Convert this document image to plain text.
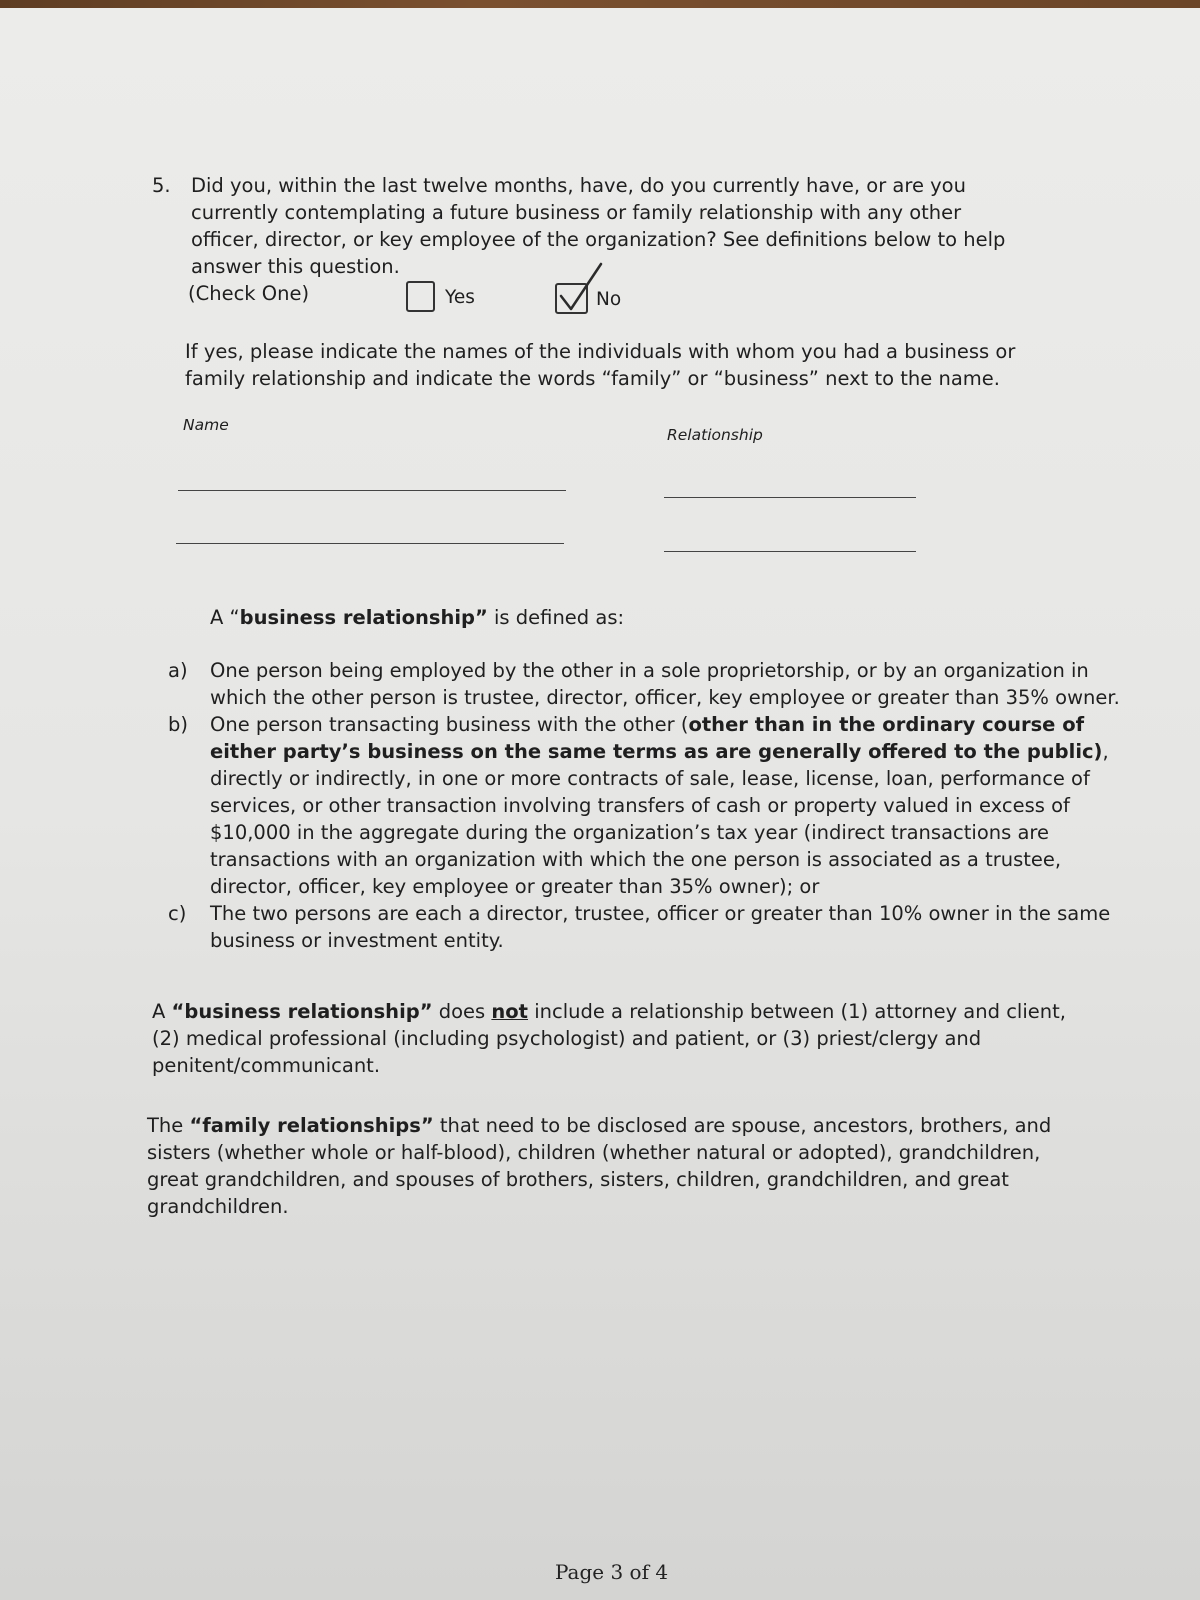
5. Did you, within the last twelve months, have, do you currently have, or are you currently contemplating a future business or family relationship with any other officer, director, or key employee of the organization? See definitions below to help answer this question.
(Check One)	Yes	No
If yes, please indicate the names of the individuals with whom you had a business or family relationship and indicate the words “family” or “business” next to the name.
Name
Relationship
A “business relationship” is defined as:
a) One person being employed by the other in a sole proprietorship, or by an organization in which the other person is trustee, director, officer, key employee or greater than 35% owner.
b) One person transacting business with the other (other than in the ordinary course of either party’s business on the same terms as are generally offered to the public), directly or indirectly, in one or more contracts of sale, lease, license, loan, performance of services, or other transaction involving transfers of cash or property valued in excess of $10,000 in the aggregate during the organization’s tax year (indirect transactions are transactions with an organization with which the one person is associated as a trustee, director, officer, key employee or greater than 35% owner); or
c) The two persons are each a director, trustee, officer or greater than 10% owner in the same business or investment entity.
A “business relationship” does not include a relationship between (1) attorney and client, (2) medical professional (including psychologist) and patient, or (3) priest/clergy and penitent/communicant.
The “family relationships” that need to be disclosed are spouse, ancestors, brothers, and sisters (whether whole or half-blood), children (whether natural or adopted), grandchildren, great grandchildren, and spouses of brothers, sisters, children, grandchildren, and great grandchildren.
Page 3 of 4
